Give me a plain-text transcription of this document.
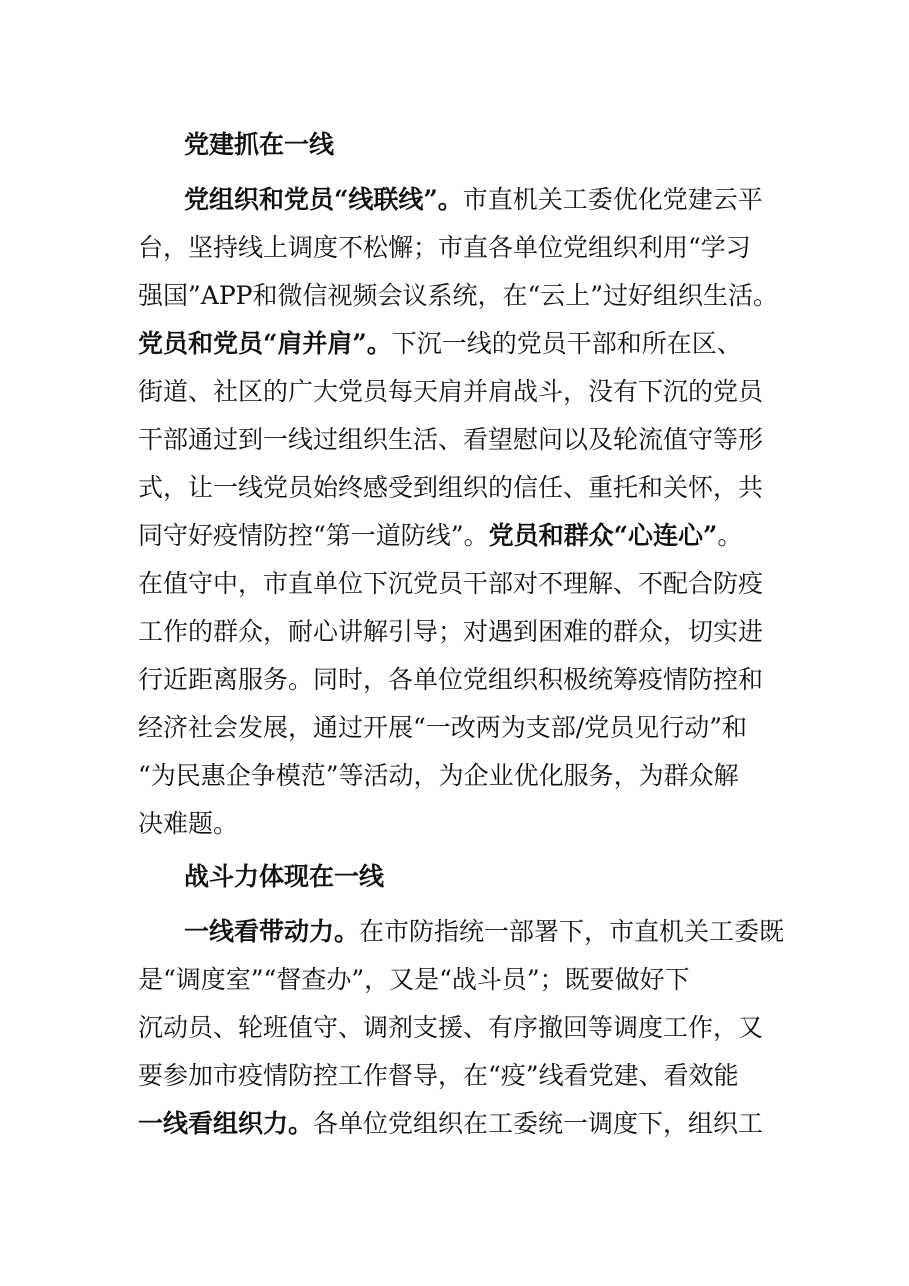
党建抓在一线
党组织和党员“线联线”。市直机关工委优化党建云平
台，坚持线上调度不松懈；市直各单位党组织利用“学习
强国”APP和微信视频会议系统，在“云上”过好组织生活。
党员和党员“肩并肩”。下沉一线的党员干部和所在区、
街道、社区的广大党员每天肩并肩战斗，没有下沉的党员
干部通过到一线过组织生活、看望慰问以及轮流值守等形
式，让一线党员始终感受到组织的信任、重托和关怀，共
同守好疫情防控“第一道防线”。党员和群众“心连心”。
在值守中，市直单位下沉党员干部对不理解、不配合防疫
工作的群众，耐心讲解引导；对遇到困难的群众，切实进
行近距离服务。同时，各单位党组织积极统筹疫情防控和
经济社会发展，通过开展“一改两为支部/党员见行动”和
“为民惠企争模范”等活动，为企业优化服务，为群众解
决难题。
战斗力体现在一线
一线看带动力。在市防指统一部署下，市直机关工委既
是“调度室”“督查办”，又是“战斗员”；既要做好下
沉动员、轮班值守、调剂支援、有序撤回等调度工作，又
要参加市疫情防控工作督导，在“疫”线看党建、看效能
一线看组织力。各单位党组织在工委统一调度下，组织工
